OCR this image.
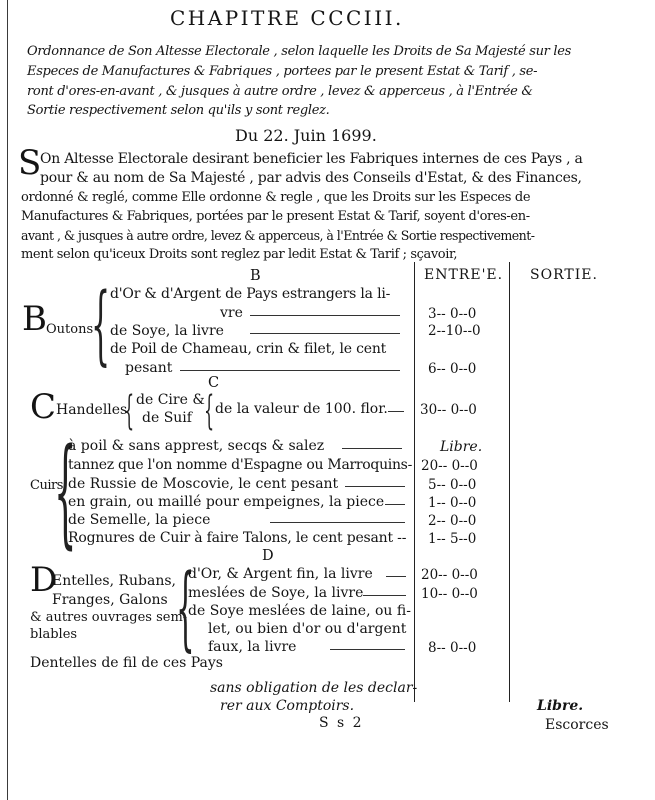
CHAPITRE CCCIII.
Ordonnance de Son Altesse Electorale , selon laquelle les Droits de Sa Majesté sur les
Especes de Manufactures & Fabriques , portees par le present Estat & Tarif , se-
ront d'ores-en-avant , & jusques à autre ordre , levez & apperceus , à l'Entrée &
Sortie respectivement selon qu'ils y sont reglez.
Du 22. Juin 1699.
S
On Altesse Electorale desirant beneficier les Fabriques internes de ces Pays , a
pour & au nom de Sa Majesté , par advis des Conseils d'Estat, & des Finances,
ordonné & reglé, comme Elle ordonne & regle , que les Droits sur les Especes de
Manufactures & Fabriques, portées par le present Estat & Tarif, soyent d'ores-en-
avant , & jusques à autre ordre, levez & apperceus, à l'Entrée & Sortie respectivement-
ment selon qu'iceux Droits sont reglez par ledit Estat & Tarif ; sçavoir,
ENTRE'E. SORTIE.
B
B Outons
{ d'Or & d'Argent de Pays estrangers la li-
vre	3-- 0--0
de Soye, la livre	2--10--0
de Poil de Chameau, crin & filet, le cent
pesant	6-- 0--0
C
C Handelles
{ de Cire &
de Suif { de la valeur de 100. flor. 30-- 0--0
Cuirs
{
à poil & sans apprest, secqs & salez	Libre.
tannez que l'on nomme d'Espagne ou Marroquins- 20-- 0--0
de Russie de Moscovie, le cent pesant	5-- 0--0
en grain, ou maillé pour empeignes, la piece	1-- 0--0
de Semelle, la piece	2-- 0--0
Rognures de Cuir à faire Talons, le cent pesant -- 1-- 5--0
D
D
Entelles, Rubans,
Franges, Galons
& autres ouvrages sem-
blables {
d'Or, & Argent fin, la livre	20-- 0--0
meslées de Soye, la livre	10-- 0--0
de Soye meslées de laine, ou fi-
let, ou bien d'or ou d'argent
faux, la livre	8-- 0--0
Dentelles de fil de ces Pays
sans obligation de les declar-
rer aux Comptoirs.	Libre.
S s 2	Escorces
